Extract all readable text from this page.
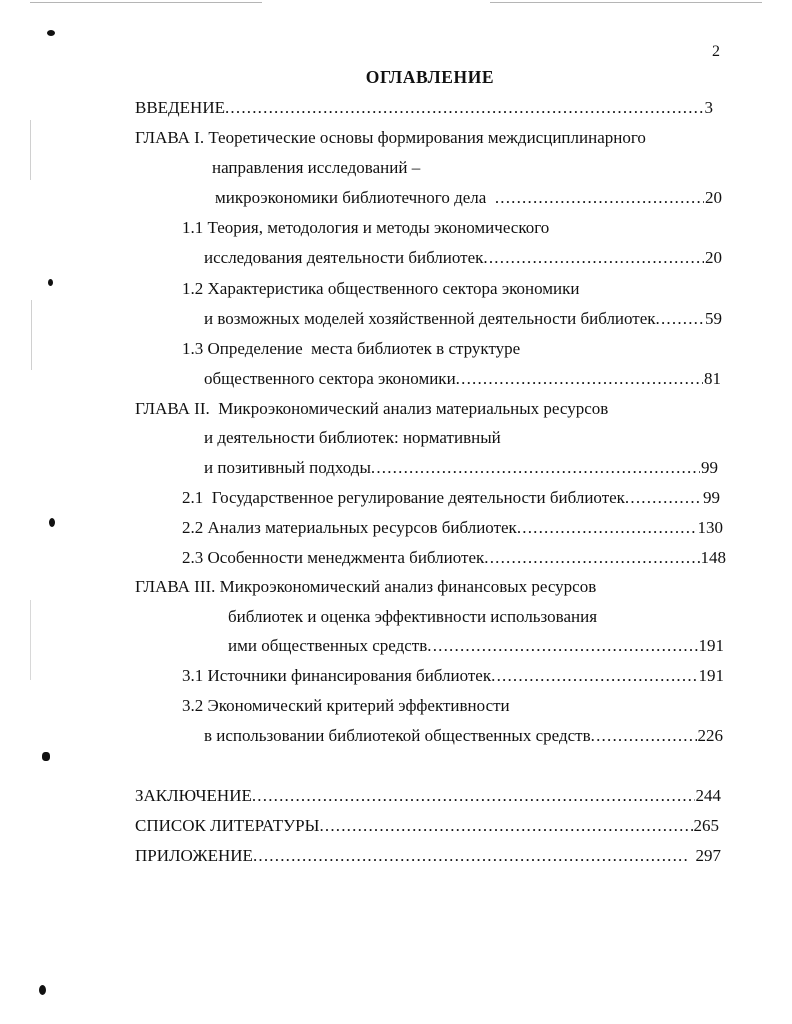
2
ОГЛАВЛЕНИЕ
ВВЕДЕНИЕ .....	3
ГЛАВА I. Теоретические основы формирования междисциплинарного
направления исследований –
микроэкономики библиотечного дела .....	20
1.1 Теория, методология и методы экономического
исследования деятельности библиотек .....	20
1.2 Характеристика общественного сектора экономики
и возможных моделей хозяйственной деятельности библиотек .....	59
1.3 Определение  места библиотек в структуре
общественного сектора экономики .....	81
ГЛАВА II.  Микроэкономический анализ материальных ресурсов
и деятельности библиотек: нормативный
и позитивный подходы .....	99
2.1  Государственное регулирование деятельности библиотек .....	99
2.2 Анализ материальных ресурсов библиотек .....	130
2.3 Особенности менеджмента библиотек .....	148
ГЛАВА III. Микроэкономический анализ финансовых ресурсов
библиотек и оценка эффективности использования
ими общественных средств .....	191
3.1 Источники финансирования библиотек .....	191
3.2 Экономический критерий эффективности
в использовании библиотекой общественных средств .....	226
ЗАКЛЮЧЕНИЕ .....	244
СПИСОК ЛИТЕРАТУРЫ .....	265
ПРИЛОЖЕНИЕ .....	297
